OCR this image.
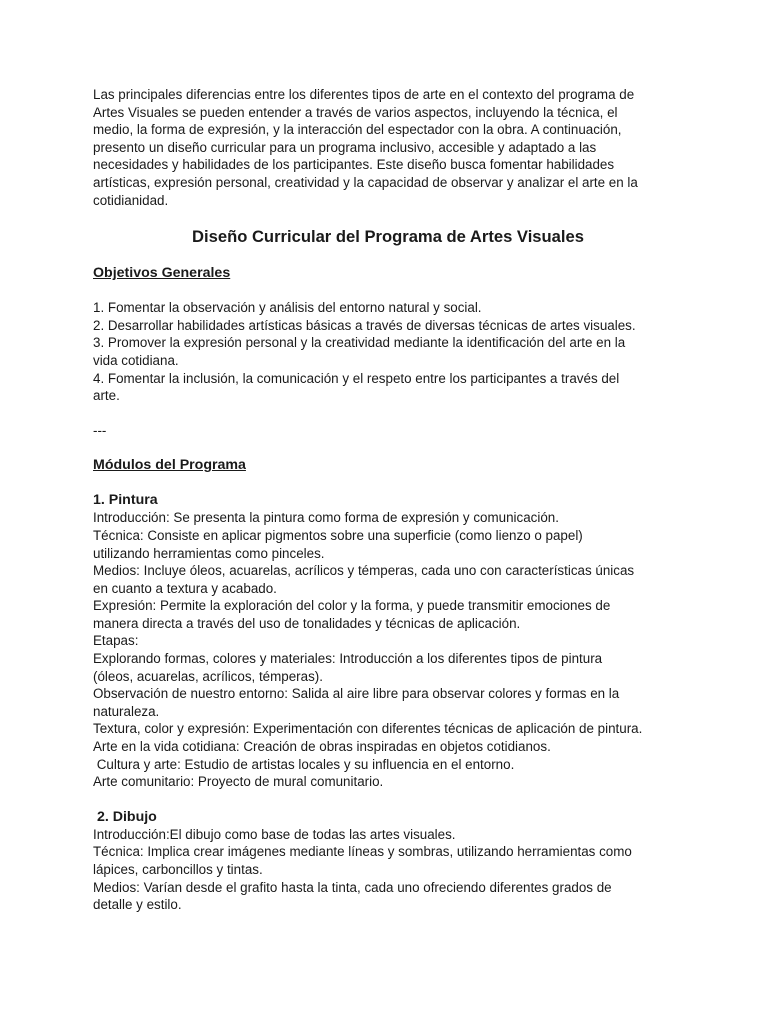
Las principales diferencias entre los diferentes tipos de arte en el contexto del programa de
Artes Visuales se pueden entender a través de varios aspectos, incluyendo la técnica, el
medio, la forma de expresión, y la interacción del espectador con la obra. A continuación,
presento un diseño curricular para un programa inclusivo, accesible y adaptado a las
necesidades y habilidades de los participantes. Este diseño busca fomentar habilidades
artísticas, expresión personal, creatividad y la capacidad de observar y analizar el arte en la
cotidianidad.

Diseño Curricular del Programa de Artes Visuales
Objetivos Generales

1. Fomentar la observación y análisis del entorno natural y social.
2. Desarrollar habilidades artísticas básicas a través de diversas técnicas de artes visuales.
3. Promover la expresión personal y la creatividad mediante la identificación del arte en la
vida cotidiana.
4. Fomentar la inclusión, la comunicación y el respeto entre los participantes a través del
arte.

---

Módulos del Programa
1. Pintura

Introducción: Se presenta la pintura como forma de expresión y comunicación.
Técnica: Consiste en aplicar pigmentos sobre una superficie (como lienzo o papel)
utilizando herramientas como pinceles.
Medios: Incluye óleos, acuarelas, acrílicos y témperas, cada uno con características únicas
en cuanto a textura y acabado.
Expresión: Permite la exploración del color y la forma, y puede transmitir emociones de
manera directa a través del uso de tonalidades y técnicas de aplicación.
Etapas:
Explorando formas, colores y materiales: Introducción a los diferentes tipos de pintura
(óleos, acuarelas, acrílicos, témperas).
Observación de nuestro entorno: Salida al aire libre para observar colores y formas en la
naturaleza.
Textura, color y expresión: Experimentación con diferentes técnicas de aplicación de pintura.
Arte en la vida cotidiana: Creación de obras inspiradas en objetos cotidianos.
Cultura y arte: Estudio de artistas locales y su influencia en el entorno.
Arte comunitario: Proyecto de mural comunitario.

2. Dibujo

Introducción:El dibujo como base de todas las artes visuales.
Técnica: Implica crear imágenes mediante líneas y sombras, utilizando herramientas como
lápices, carboncillos y tintas.
Medios: Varían desde el grafito hasta la tinta, cada uno ofreciendo diferentes grados de
detalle y estilo.
